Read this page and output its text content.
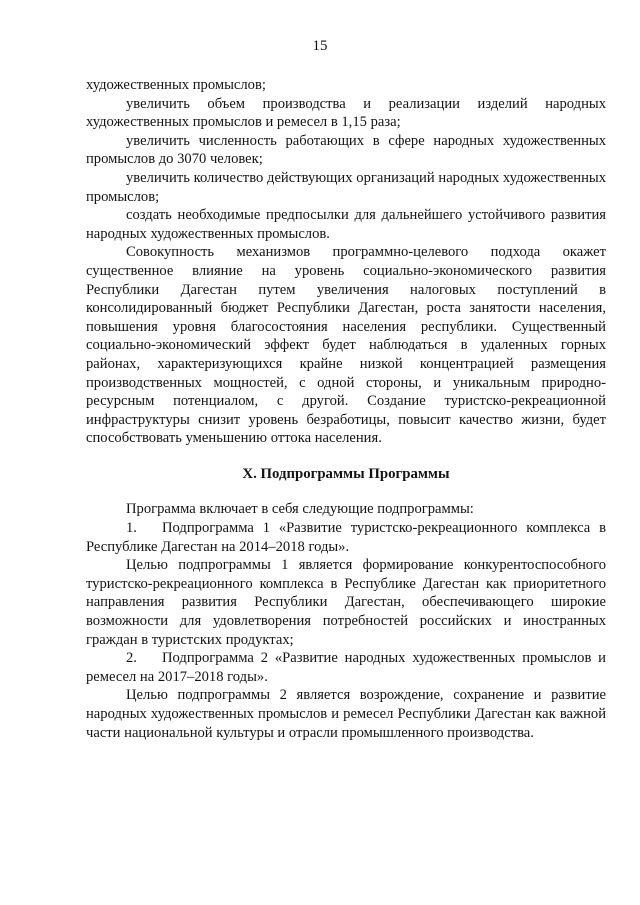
15

художественных промыслов;

увеличить объем производства и реализации изделий народных художественных промыслов и ремесел в 1,15 раза;

увеличить численность работающих в сфере народных художественных промыслов до 3070 человек;

увеличить количество действующих организаций народных художественных промыслов;

создать необходимые предпосылки для дальнейшего устойчивого развития народных художественных промыслов.

Совокупность механизмов программно-целевого подхода окажет существенное влияние на уровень социально-экономического развития Республики Дагестан путем увеличения налоговых поступлений в консолидированный бюджет Республики Дагестан, роста занятости населения, повышения уровня благосостояния населения республики. Существенный социально-экономический эффект будет наблюдаться в удаленных горных районах, характеризующихся крайне низкой концентрацией размещения производственных мощностей, с одной стороны, и уникальным природно-ресурсным потенциалом, с другой. Создание туристско-рекреационной инфраструктуры снизит уровень безработицы, повысит качество жизни, будет способствовать уменьшению оттока населения.

X. Подпрограммы Программы

Программа включает в себя следующие подпрограммы:

1. Подпрограмма 1 «Развитие туристско-рекреационного комплекса в Республике Дагестан на 2014–2018 годы».

Целью подпрограммы 1 является формирование конкурентоспособного туристско-рекреационного комплекса в Республике Дагестан как приоритетного направления развития Республики Дагестан, обеспечивающего широкие возможности для удовлетворения потребностей российских и иностранных граждан в туристских продуктах;

2. Подпрограмма 2 «Развитие народных художественных промыслов и ремесел на 2017–2018 годы».

Целью подпрограммы 2 является возрождение, сохранение и развитие народных художественных промыслов и ремесел Республики Дагестан как важной части национальной культуры и отрасли промышленного производства.
